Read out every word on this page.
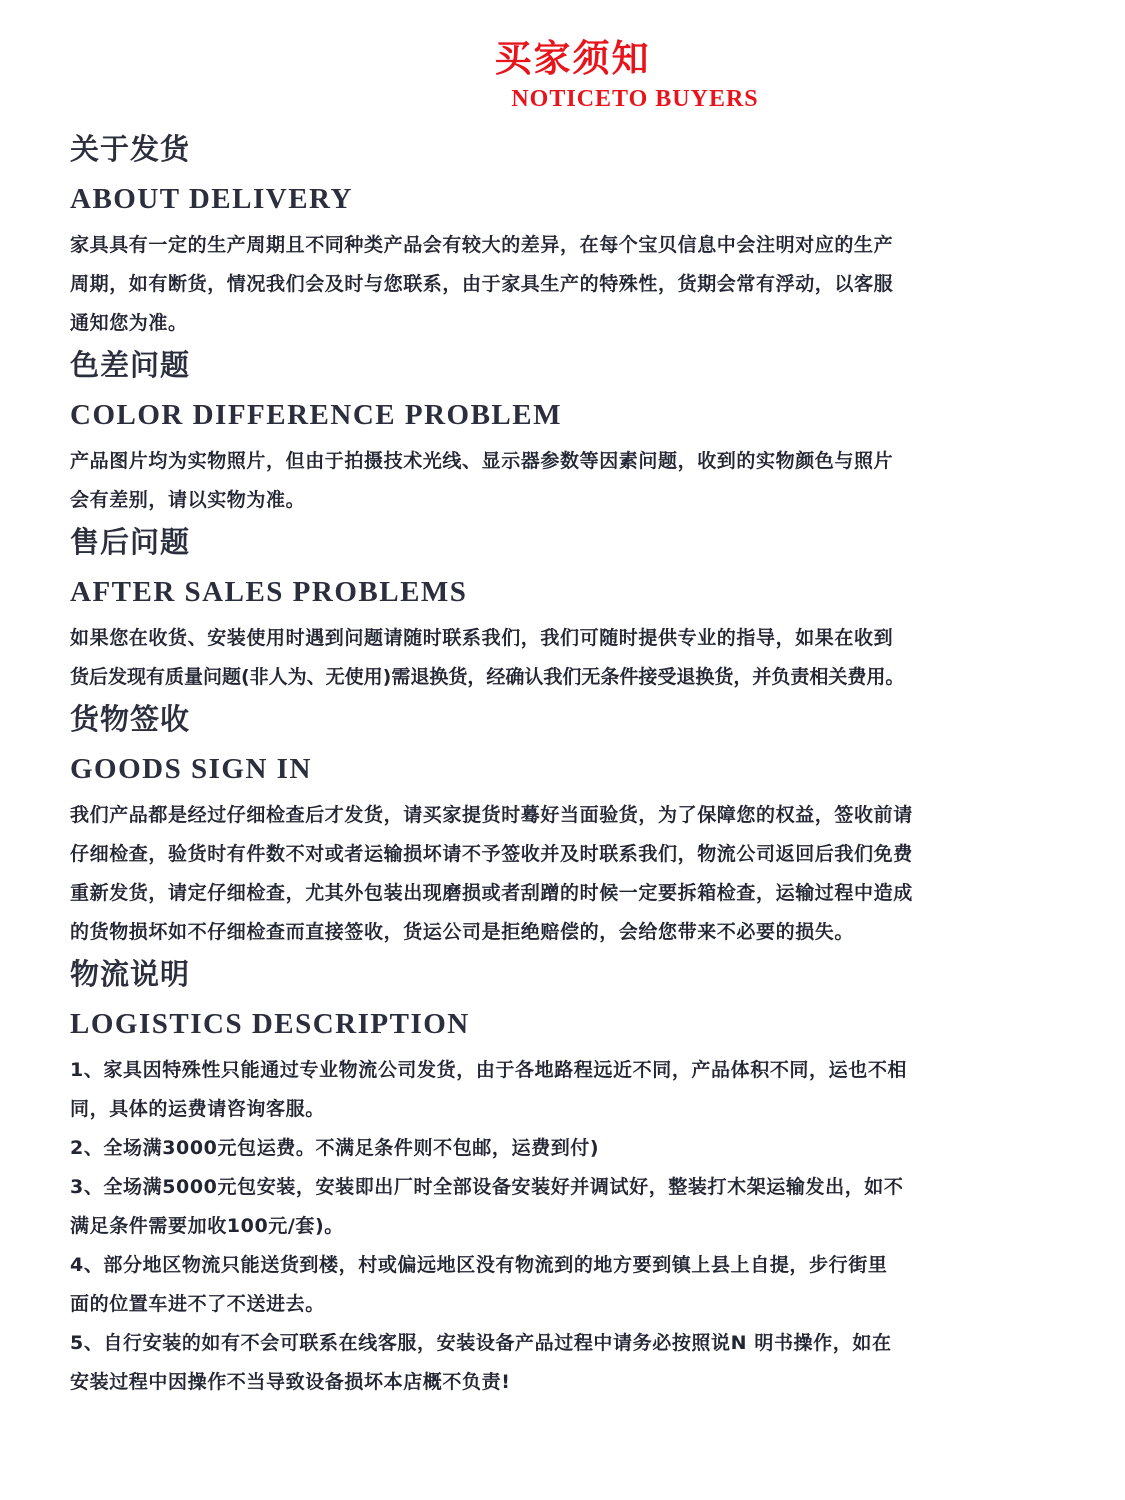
买家须知
NOTICETO BUYERS
关于发货
ABOUT DELIVERY

家具具有一定的生产周期且不同种类产品会有较大的差异，在每个宝贝信息中会注明对应的生产

周期，如有断货，情况我们会及时与您联系，由于家具生产的特殊性，货期会常有浮动，以客服

通知您为准。

色差问题
COLOR DIFFERENCE PROBLEM

产品图片均为实物照片，但由于拍摄技术光线、显示器参数等因素问题，收到的实物颜色与照片

会有差别，请以实物为准。

售后问题
AFTER SALES PROBLEMS

如果您在收货、安装使用时遇到问题请随时联系我们，我们可随时提供专业的指导，如果在收到

货后发现有质量问题(非人为、无使用)需退换货，经确认我们无条件接受退换货，并负责相关费用。

货物签收
GOODS SIGN IN

我们产品都是经过仔细检查后才发货，请买家提货时蓦好当面验货，为了保障您的权益，签收前请

仔细检查，验货时有件数不对或者运输损坏请不予签收并及时联系我们，物流公司返回后我们免费

重新发货，请定仔细检查，尤其外包装出现磨损或者刮蹭的时候一定要拆箱检查，运输过程中造成

的货物损坏如不仔细检查而直接签收，货运公司是拒绝赔偿的，会给您带来不必要的损失。

物流说明
LOGISTICS DESCRIPTION

1、家具因特殊性只能通过专业物流公司发货，由于各地路程远近不同，产品体积不同，运也不相

同，具体的运费请咨询客服。

2、全场满3000元包运费。不满足条件则不包邮，运费到付)

3、全场满5000元包安装，安装即出厂时全部设备安装好并调试好，整装打木架运输发出，如不

满足条件需要加收100元/套)。

4、部分地区物流只能送货到楼，村或偏远地区没有物流到的地方要到镇上县上自提，步行街里

面的位置车进不了不送进去。

5、自行安装的如有不会可联系在线客服，安装设备产品过程中请务必按照说N 明书操作，如在

安装过程中因操作不当导致设备损坏本店概不负责!
